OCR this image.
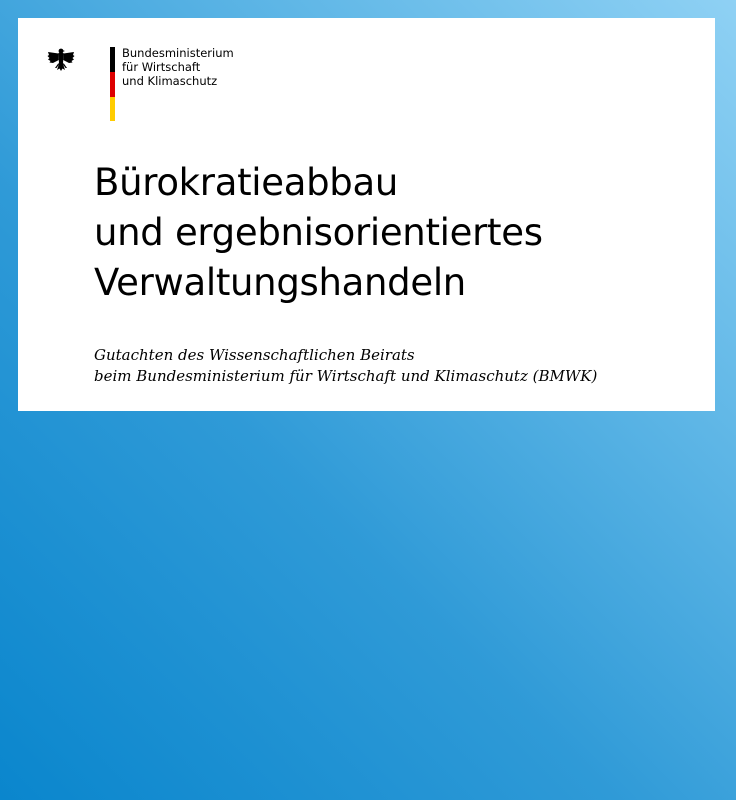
Bundesministerium
für Wirtschaft
und Klimaschutz
Bürokratieabbau
und ergebnisorientiertes
Verwaltungshandeln
Gutachten des Wissenschaftlichen Beirats
beim Bundesministerium für Wirtschaft und Klimaschutz (BMWK)
